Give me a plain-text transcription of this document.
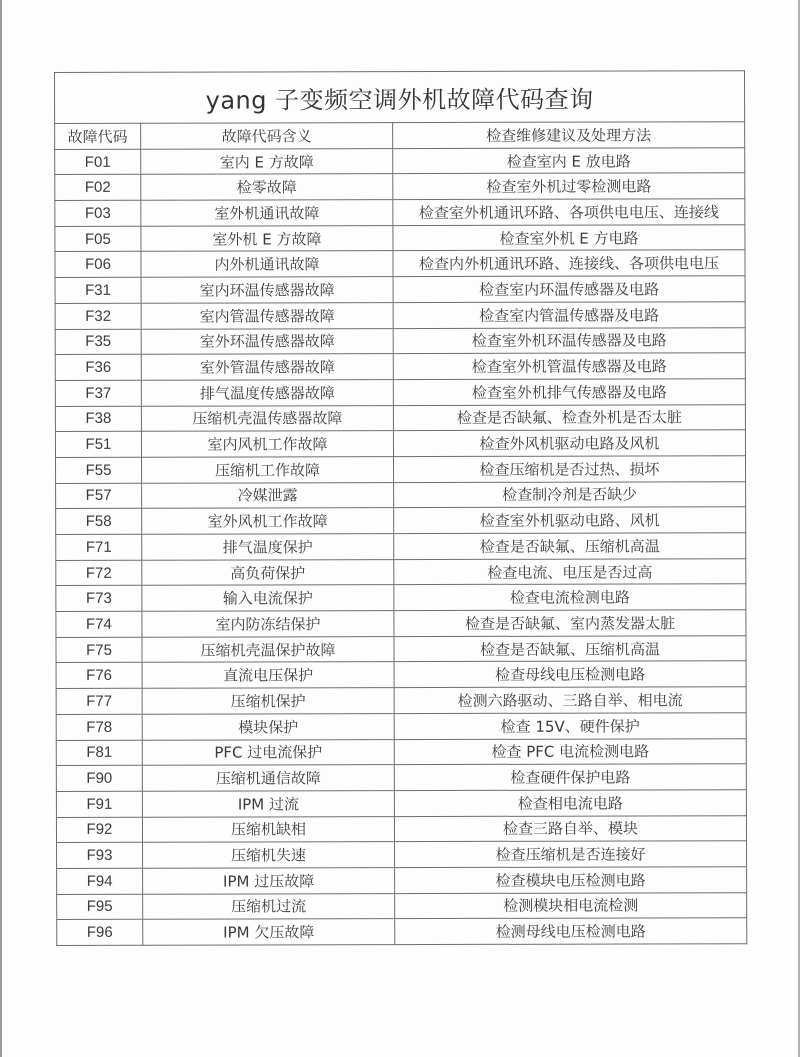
yang 子变频空调外机故障代码查询		
故障代码	故障代码含义	检查维修建议及处理方法
F01	室内 E 方故障	检查室内 E 放电路
F02	检零故障	检查室外机过零检测电路
F03	室外机通讯故障	检查室外机通讯环路、各项供电电压、连接线
F05	室外机 E 方故障	检查室外机 E 方电路
F06	内外机通讯故障	检查内外机通讯环路、连接线、各项供电电压
F31	室内环温传感器故障	检查室内环温传感器及电路
F32	室内管温传感器故障	检查室内管温传感器及电路
F35	室外环温传感器故障	检查室外机环温传感器及电路
F36	室外管温传感器故障	检查室外机管温传感器及电路
F37	排气温度传感器故障	检查室外机排气传感器及电路
F38	压缩机壳温传感器故障	检查是否缺氟、检查外机是否太脏
F51	室内风机工作故障	检查外风机驱动电路及风机
F55	压缩机工作故障	检查压缩机是否过热、损坏
F57	冷媒泄露	检查制冷剂是否缺少
F58	室外风机工作故障	检查室外机驱动电路、风机
F71	排气温度保护	检查是否缺氟、压缩机高温
F72	高负荷保护	检查电流、电压是否过高
F73	输入电流保护	检查电流检测电路
F74	室内防冻结保护	检查是否缺氟、室内蒸发器太脏
F75	压缩机壳温保护故障	检查是否缺氟、压缩机高温
F76	直流电压保护	检查母线电压检测电路
F77	压缩机保护	检测六路驱动、三路自举、相电流
F78	模块保护	检查 15V、硬件保护
F81	PFC 过电流保护	检查 PFC 电流检测电路
F90	压缩机通信故障	检查硬件保护电路
F91	IPM 过流	检查相电流电路
F92	压缩机缺相	检查三路自举、模块
F93	压缩机失速	检查压缩机是否连接好
F94	IPM 过压故障	检查模块电压检测电路
F95	压缩机过流	检测模块相电流检测
F96	IPM 欠压故障	检测母线电压检测电路
